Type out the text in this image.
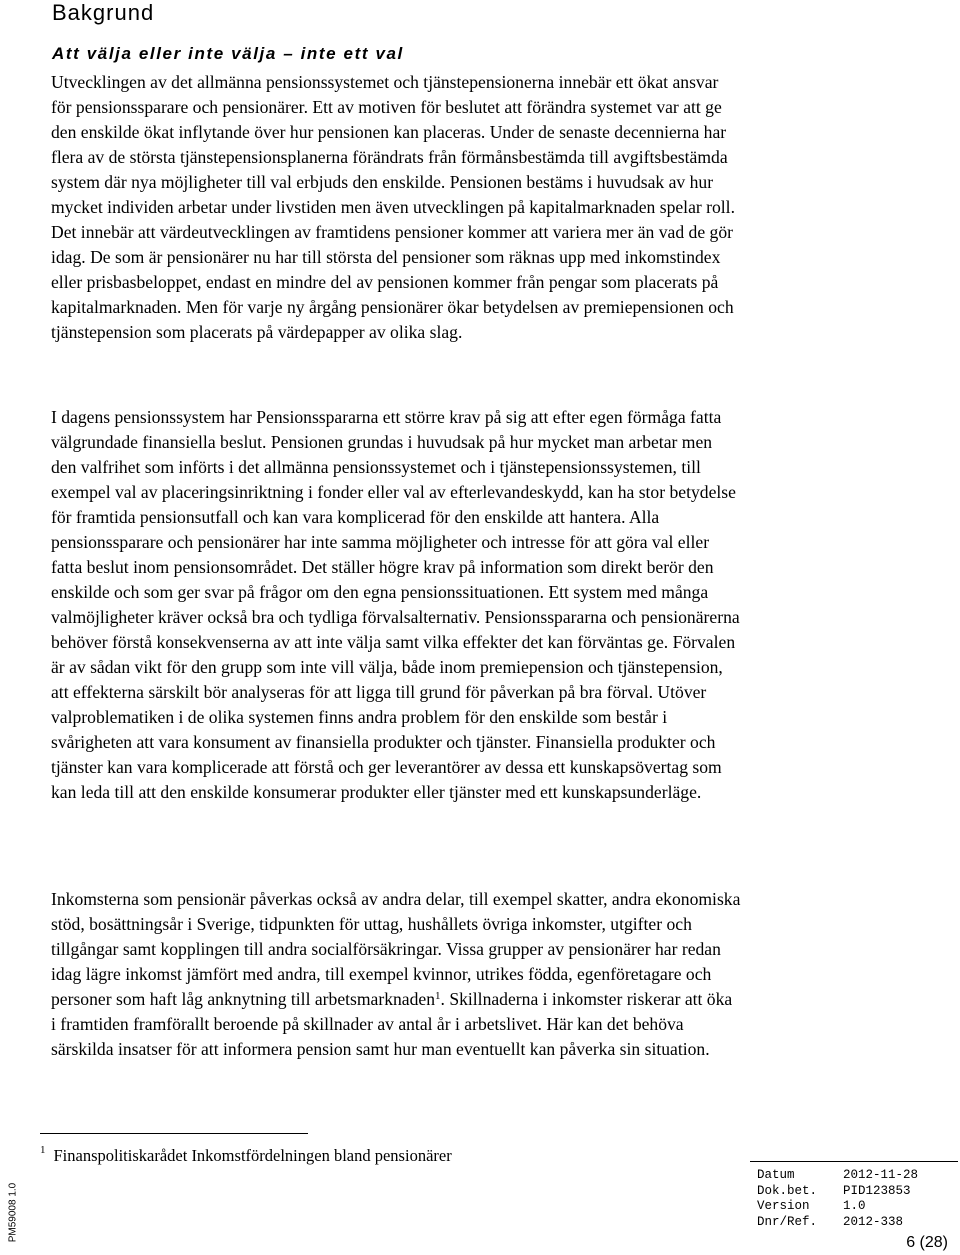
Bakgrund
Att välja eller inte välja – inte ett val

Utvecklingen av det allmänna pensionssystemet och tjänstepensionerna innebär ett ökat ansvar för pensionssparare och pensionärer. Ett av motiven för beslutet att förändra systemet var att ge den enskilde ökat inflytande över hur pensionen kan placeras. Under de senaste decennierna har flera av de största tjänstepensionsplanerna förändrats från förmånsbestämda till avgiftsbestämda system där nya möjligheter till val erbjuds den enskilde. Pensionen bestäms i huvudsak av hur mycket individen arbetar under livstiden men även utvecklingen på kapitalmarknaden spelar roll. Det innebär att värdeutvecklingen av framtidens pensioner kommer att variera mer än vad de gör idag. De som är pensionärer nu har till största del pensioner som räknas upp med inkomstindex eller prisbasbeloppet, endast en mindre del av pensionen kommer från pengar som placerats på kapitalmarknaden. Men för varje ny årgång pensionärer ökar betydelsen av premiepensionen och tjänstepension som placerats på värdepapper av olika slag.

I dagens pensionssystem har Pensionsspararna ett större krav på sig att efter egen förmåga fatta välgrundade finansiella beslut. Pensionen grundas i huvudsak på hur mycket man arbetar men den valfrihet som införts i det allmänna pensionssystemet och i tjänstepensionssystemen, till exempel val av placeringsinriktning i fonder eller val av efterlevandeskydd, kan ha stor betydelse för framtida pensionsutfall och kan vara komplicerad för den enskilde att hantera. Alla pensionssparare och pensionärer har inte samma möjligheter och intresse för att göra val eller fatta beslut inom pensionsområdet. Det ställer högre krav på information som direkt berör den enskilde och som ger svar på frågor om den egna pensionssituationen. Ett system med många valmöjligheter kräver också bra och tydliga förvalsalternativ. Pensionsspararna och pensionärerna behöver förstå konsekvenserna av att inte välja samt vilka effekter det kan förväntas ge. Förvalen är av sådan vikt för den grupp som inte vill välja, både inom premiepension och tjänstepension, att effekterna särskilt bör analyseras för att ligga till grund för påverkan på bra förval. Utöver valproblematiken i de olika systemen finns andra problem för den enskilde som består i svårigheten att vara konsument av finansiella produkter och tjänster. Finansiella produkter och tjänster kan vara komplicerade att förstå och ger leverantörer av dessa ett kunskapsövertag som kan leda till att den enskilde konsumerar produkter eller tjänster med ett kunskapsunderläge.

Inkomsterna som pensionär påverkas också av andra delar, till exempel skatter, andra ekonomiska stöd, bosättningsår i Sverige, tidpunkten för uttag, hushållets övriga inkomster, utgifter och tillgångar samt kopplingen till andra socialförsäkringar. Vissa grupper av pensionärer har redan idag lägre inkomst jämfört med andra, till exempel kvinnor, utrikes födda, egenföretagare och personer som haft låg anknytning till arbetsmarknaden$^1$. Skillnaderna i inkomster riskerar att öka i framtiden framförallt beroende på skillnader av antal år i arbetslivet. Här kan det behöva särskilda insatser för att informera pension samt hur man eventuellt kan påverka sin situation.

$^1$ Finanspolitiskarådet Inkomstfördelningen bland pensionärer
PM59008 1.0
Datum	2012-11-28
Dok.bet.	PID123853
Version	1.0
Dnr/Ref.	2012-338
6 (28)
